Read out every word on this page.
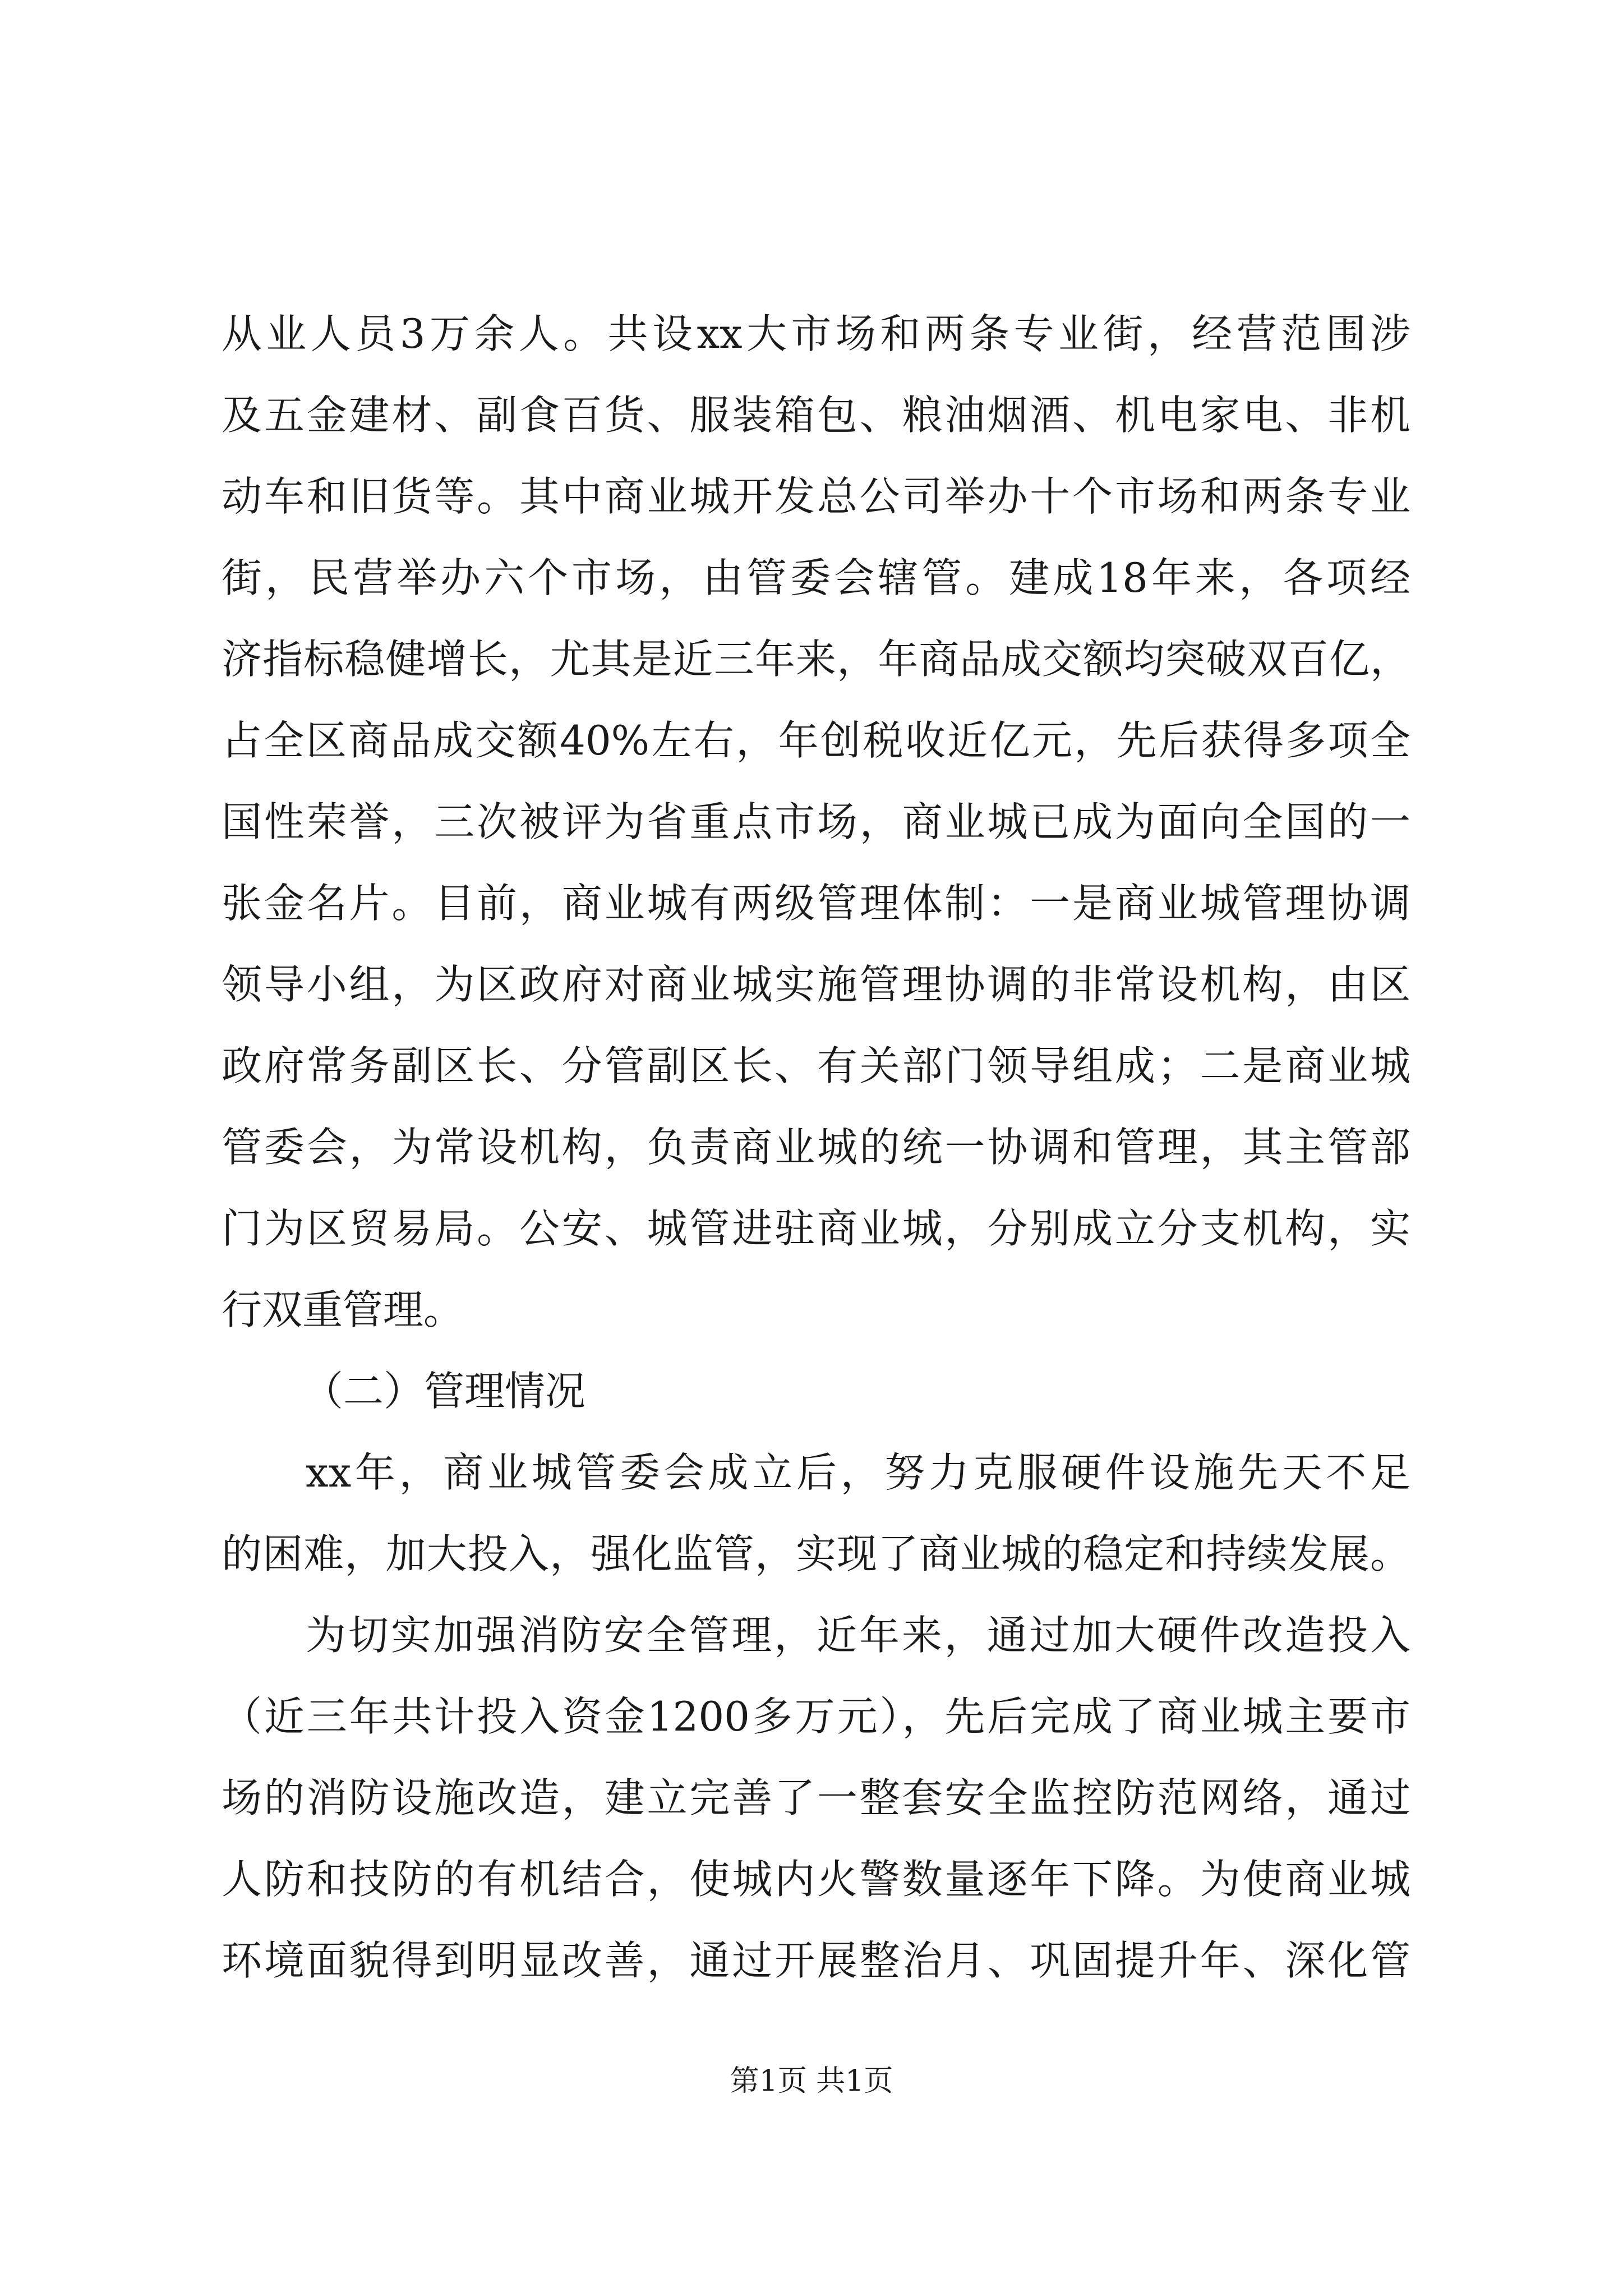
从业人员3万余人。共设xx大市场和两条专业街，经营范围涉
及五金建材、副食百货、服装箱包、粮油烟酒、机电家电、非机
动车和旧货等。其中商业城开发总公司举办十个市场和两条专业
街，民营举办六个市场，由管委会辖管。建成18年来，各项经
济指标稳健增长，尤其是近三年来，年商品成交额均突破双百亿，
占全区商品成交额40%左右，年创税收近亿元，先后获得多项全
国性荣誉，三次被评为省重点市场，商业城已成为面向全国的一
张金名片。目前，商业城有两级管理体制：一是商业城管理协调
领导小组，为区政府对商业城实施管理协调的非常设机构，由区
政府常务副区长、分管副区长、有关部门领导组成；二是商业城
管委会，为常设机构，负责商业城的统一协调和管理，其主管部
门为区贸易局。公安、城管进驻商业城，分别成立分支机构，实
行双重管理。
（二）管理情况
xx年，商业城管委会成立后，努力克服硬件设施先天不足
的困难，加大投入，强化监管，实现了商业城的稳定和持续发展。
为切实加强消防安全管理，近年来，通过加大硬件改造投入
（近三年共计投入资金1200多万元），先后完成了商业城主要市
场的消防设施改造，建立完善了一整套安全监控防范网络，通过
人防和技防的有机结合，使城内火警数量逐年下降。为使商业城
环境面貌得到明显改善，通过开展整治月、巩固提升年、深化管
第1页 共1页
